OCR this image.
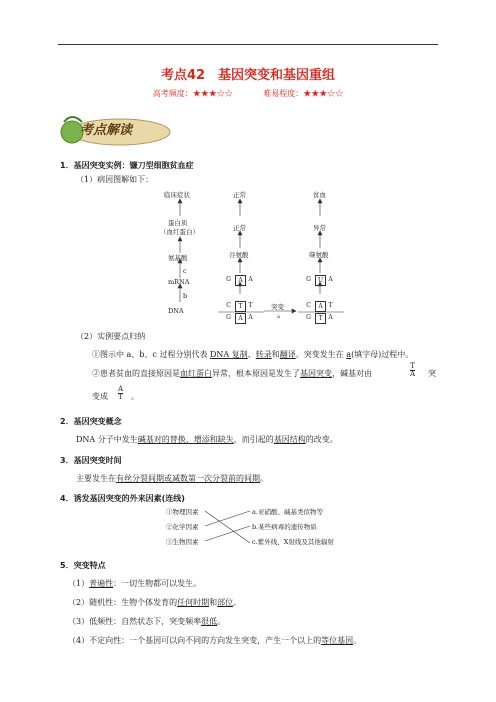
考点42　基因突变和基因重组
高考频度：★★★☆☆	难易程度：★★★☆☆
考点解读
1．基因突变实例：镰刀型细胞贫血症
（1）病因图解如下：
临床症状
蛋白质
（血红蛋白）
氨基酸
c
mRNA
b
DNA
正常
正常
谷氨酸
贫血
异常
缬氨酸
G	A A
C	T T
G	A A
G	U A
C	A T
G	T A
突变
a
（2）实例要点归纳
①图示中 a、b、c 过程分别代表 DNA 复制、转录和翻译。突变发生在 a(填字母)过程中。
②患者贫血的直接原因是血红蛋白异常，根本原因是发生了基因突变，碱基对由
T
A 突
变成
A
T 。
2．基因突变概念
DNA 分子中发生碱基对的替换、增添和缺失，而引起的基因结构的改变。
3．基因突变时间
主要发生在有丝分裂间期或减数第一次分裂前的间期。
4．诱发基因突变的外来因素(连线)
①物理因素
②化学因素
③生物因素
a.亚硝酸、碱基类似物等
b.某些病毒的遗传物质
c.紫外线、X射线及其他辐射
5．突变特点
（1）普遍性：一切生物都可以发生。
（2）随机性：生物个体发育的任何时期和部位。
（3）低频性：自然状态下，突变频率很低。
（4）不定向性：一个基因可以向不同的方向发生突变，产生一个以上的等位基因。
